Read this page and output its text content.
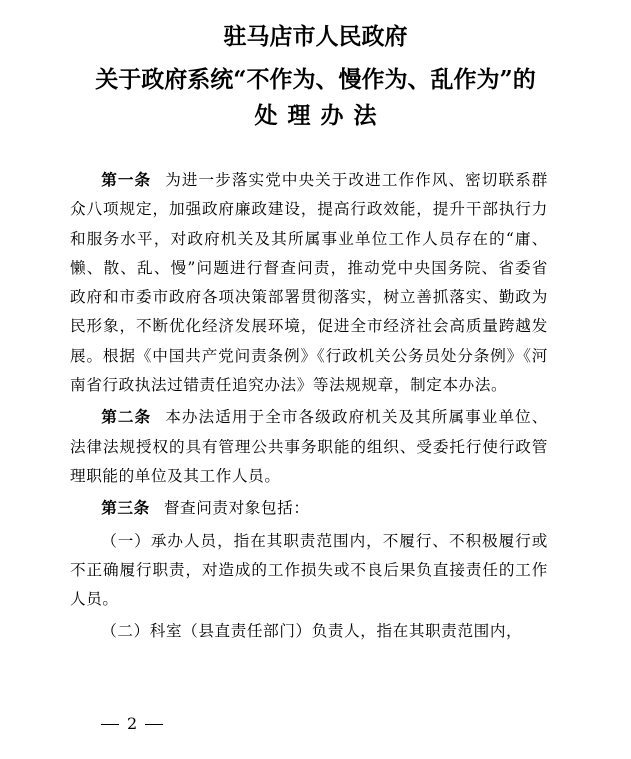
驻马店市人民政府
关于政府系统“不作为、慢作为、乱作为”的
处理办法

第一条 为进一步落实党中央关于改进工作作风、密切联系群众八项规定，加强政府廉政建设，提高行政效能，提升干部执行力和服务水平，对政府机关及其所属事业单位工作人员存在的“庸、懒、散、乱、慢”问题进行督查问责，推动党中央国务院、省委省政府和市委市政府各项决策部署贯彻落实，树立善抓落实、勤政为民形象，不断优化经济发展环境，促进全市经济社会高质量跨越发展。根据《中国共产党问责条例》《行政机关公务员处分条例》《河南省行政执法过错责任追究办法》等法规规章，制定本办法。

第二条 本办法适用于全市各级政府机关及其所属事业单位、法律法规授权的具有管理公共事务职能的组织、受委托行使行政管理职能的单位及其工作人员。

第三条 督查问责对象包括：

（一）承办人员，指在其职责范围内，不履行、不积极履行或不正确履行职责，对造成的工作损失或不良后果负直接责任的工作人员。

（二）科室（县直责任部门）负责人，指在其职责范围内，

2
